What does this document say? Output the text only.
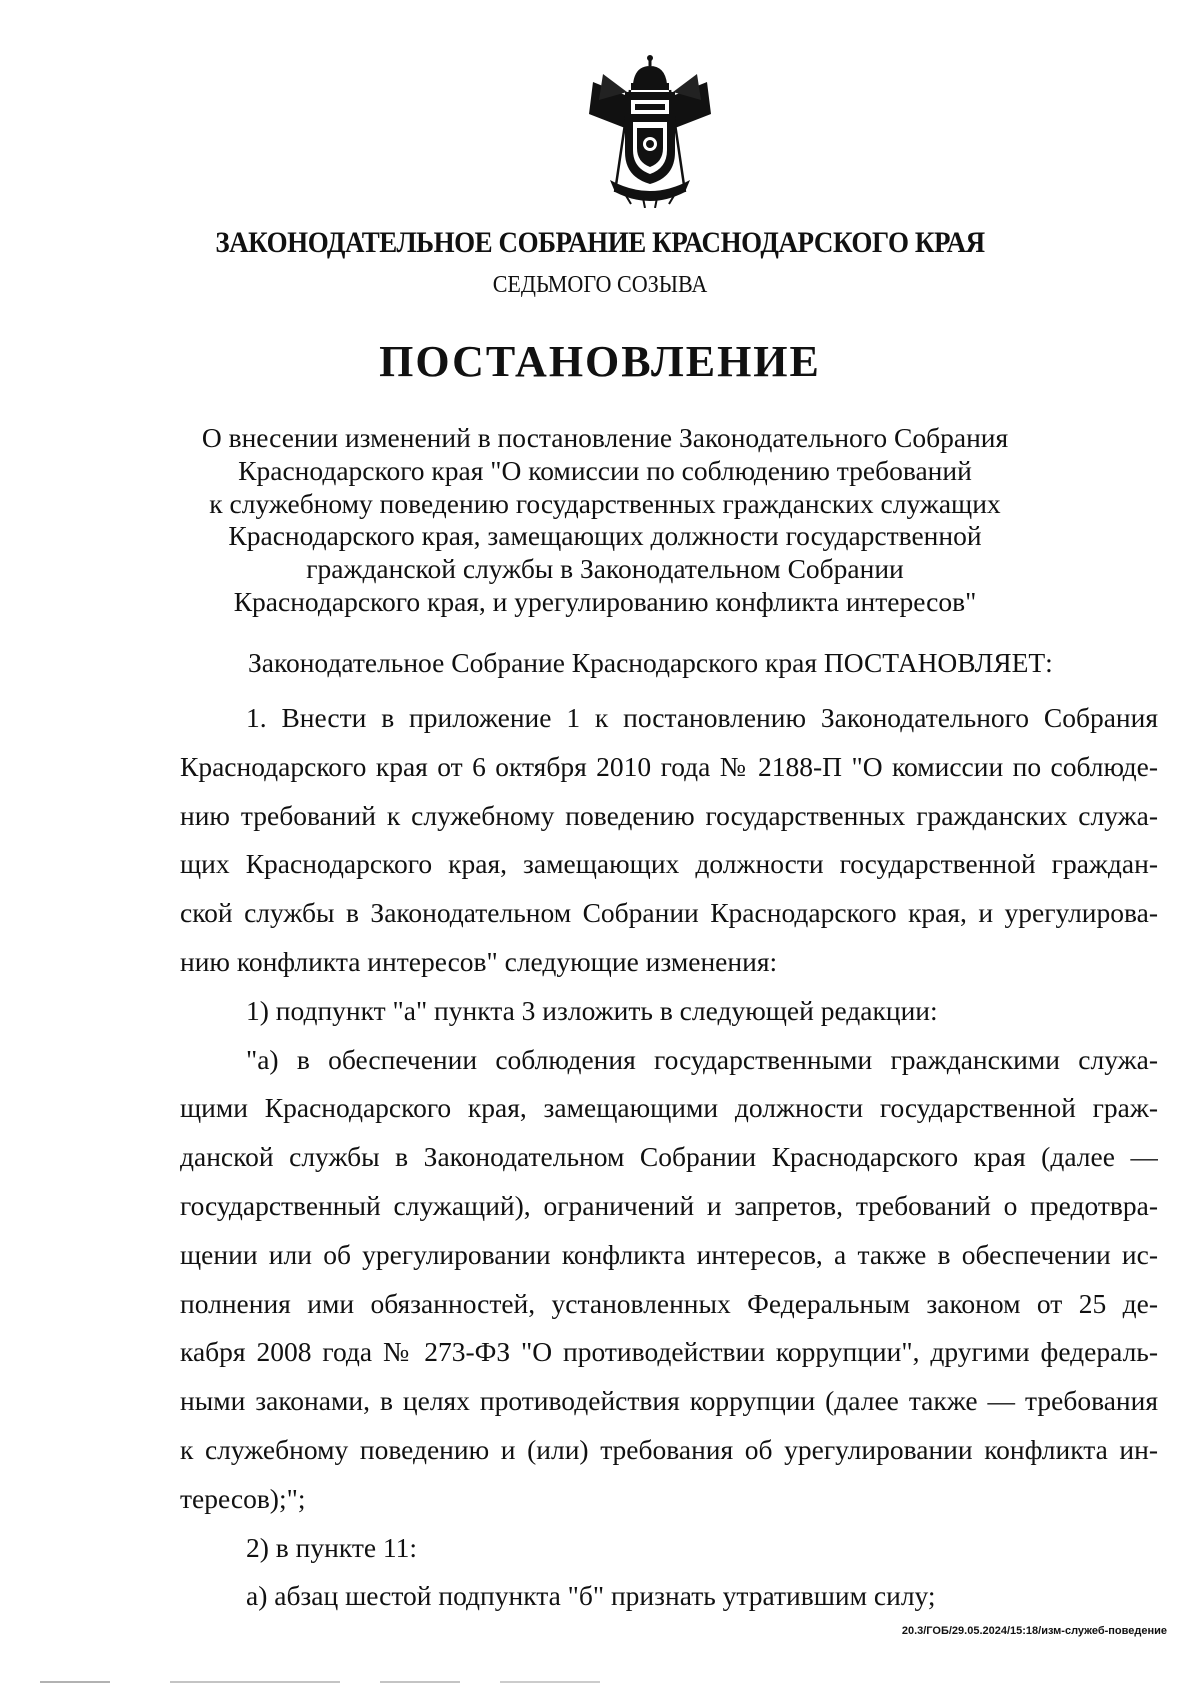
ЗАКОНОДАТЕЛЬНОЕ СОБРАНИЕ КРАСНОДАРСКОГО КРАЯ
СЕДЬМОГО СОЗЫВА
ПОСТАНОВЛЕНИЕ
О внесении изменений в постановление Законодательного Собрания
Краснодарского края "О комиссии по соблюдению требований
к служебному поведению государственных гражданских служащих
Краснодарского края, замещающих должности государственной
гражданской службы в Законодательном Собрании
Краснодарского края, и урегулированию конфликта интересов"
Законодательное Собрание Краснодарского края ПОСТАНОВЛЯЕТ:
1. Внести в приложение 1 к постановлению Законодательного Собрания
Краснодарского края от 6 октября 2010 года № 2188-П "О комиссии по соблюде-
нию требований к служебному поведению государственных гражданских служа-
щих Краснодарского края, замещающих должности государственной граждан-
ской службы в Законодательном Собрании Краснодарского края, и урегулирова-
нию конфликта интересов" следующие изменения:
1) подпункт "а" пункта 3 изложить в следующей редакции:
"а) в обеспечении соблюдения государственными гражданскими служа-
щими Краснодарского края, замещающими должности государственной граж-
данской службы в Законодательном Собрании Краснодарского края (далее —
государственный служащий), ограничений и запретов, требований о предотвра-
щении или об урегулировании конфликта интересов, а также в обеспечении ис-
полнения ими обязанностей, установленных Федеральным законом от 25 де-
кабря 2008 года № 273-ФЗ "О противодействии коррупции", другими федераль-
ными законами, в целях противодействия коррупции (далее также — требования
к служебному поведению и (или) требования об урегулировании конфликта ин-
тересов);";
2) в пункте 11:
а) абзац шестой подпункта "б" признать утратившим силу;
20.3/ГОБ/29.05.2024/15:18/изм-служеб-поведение
